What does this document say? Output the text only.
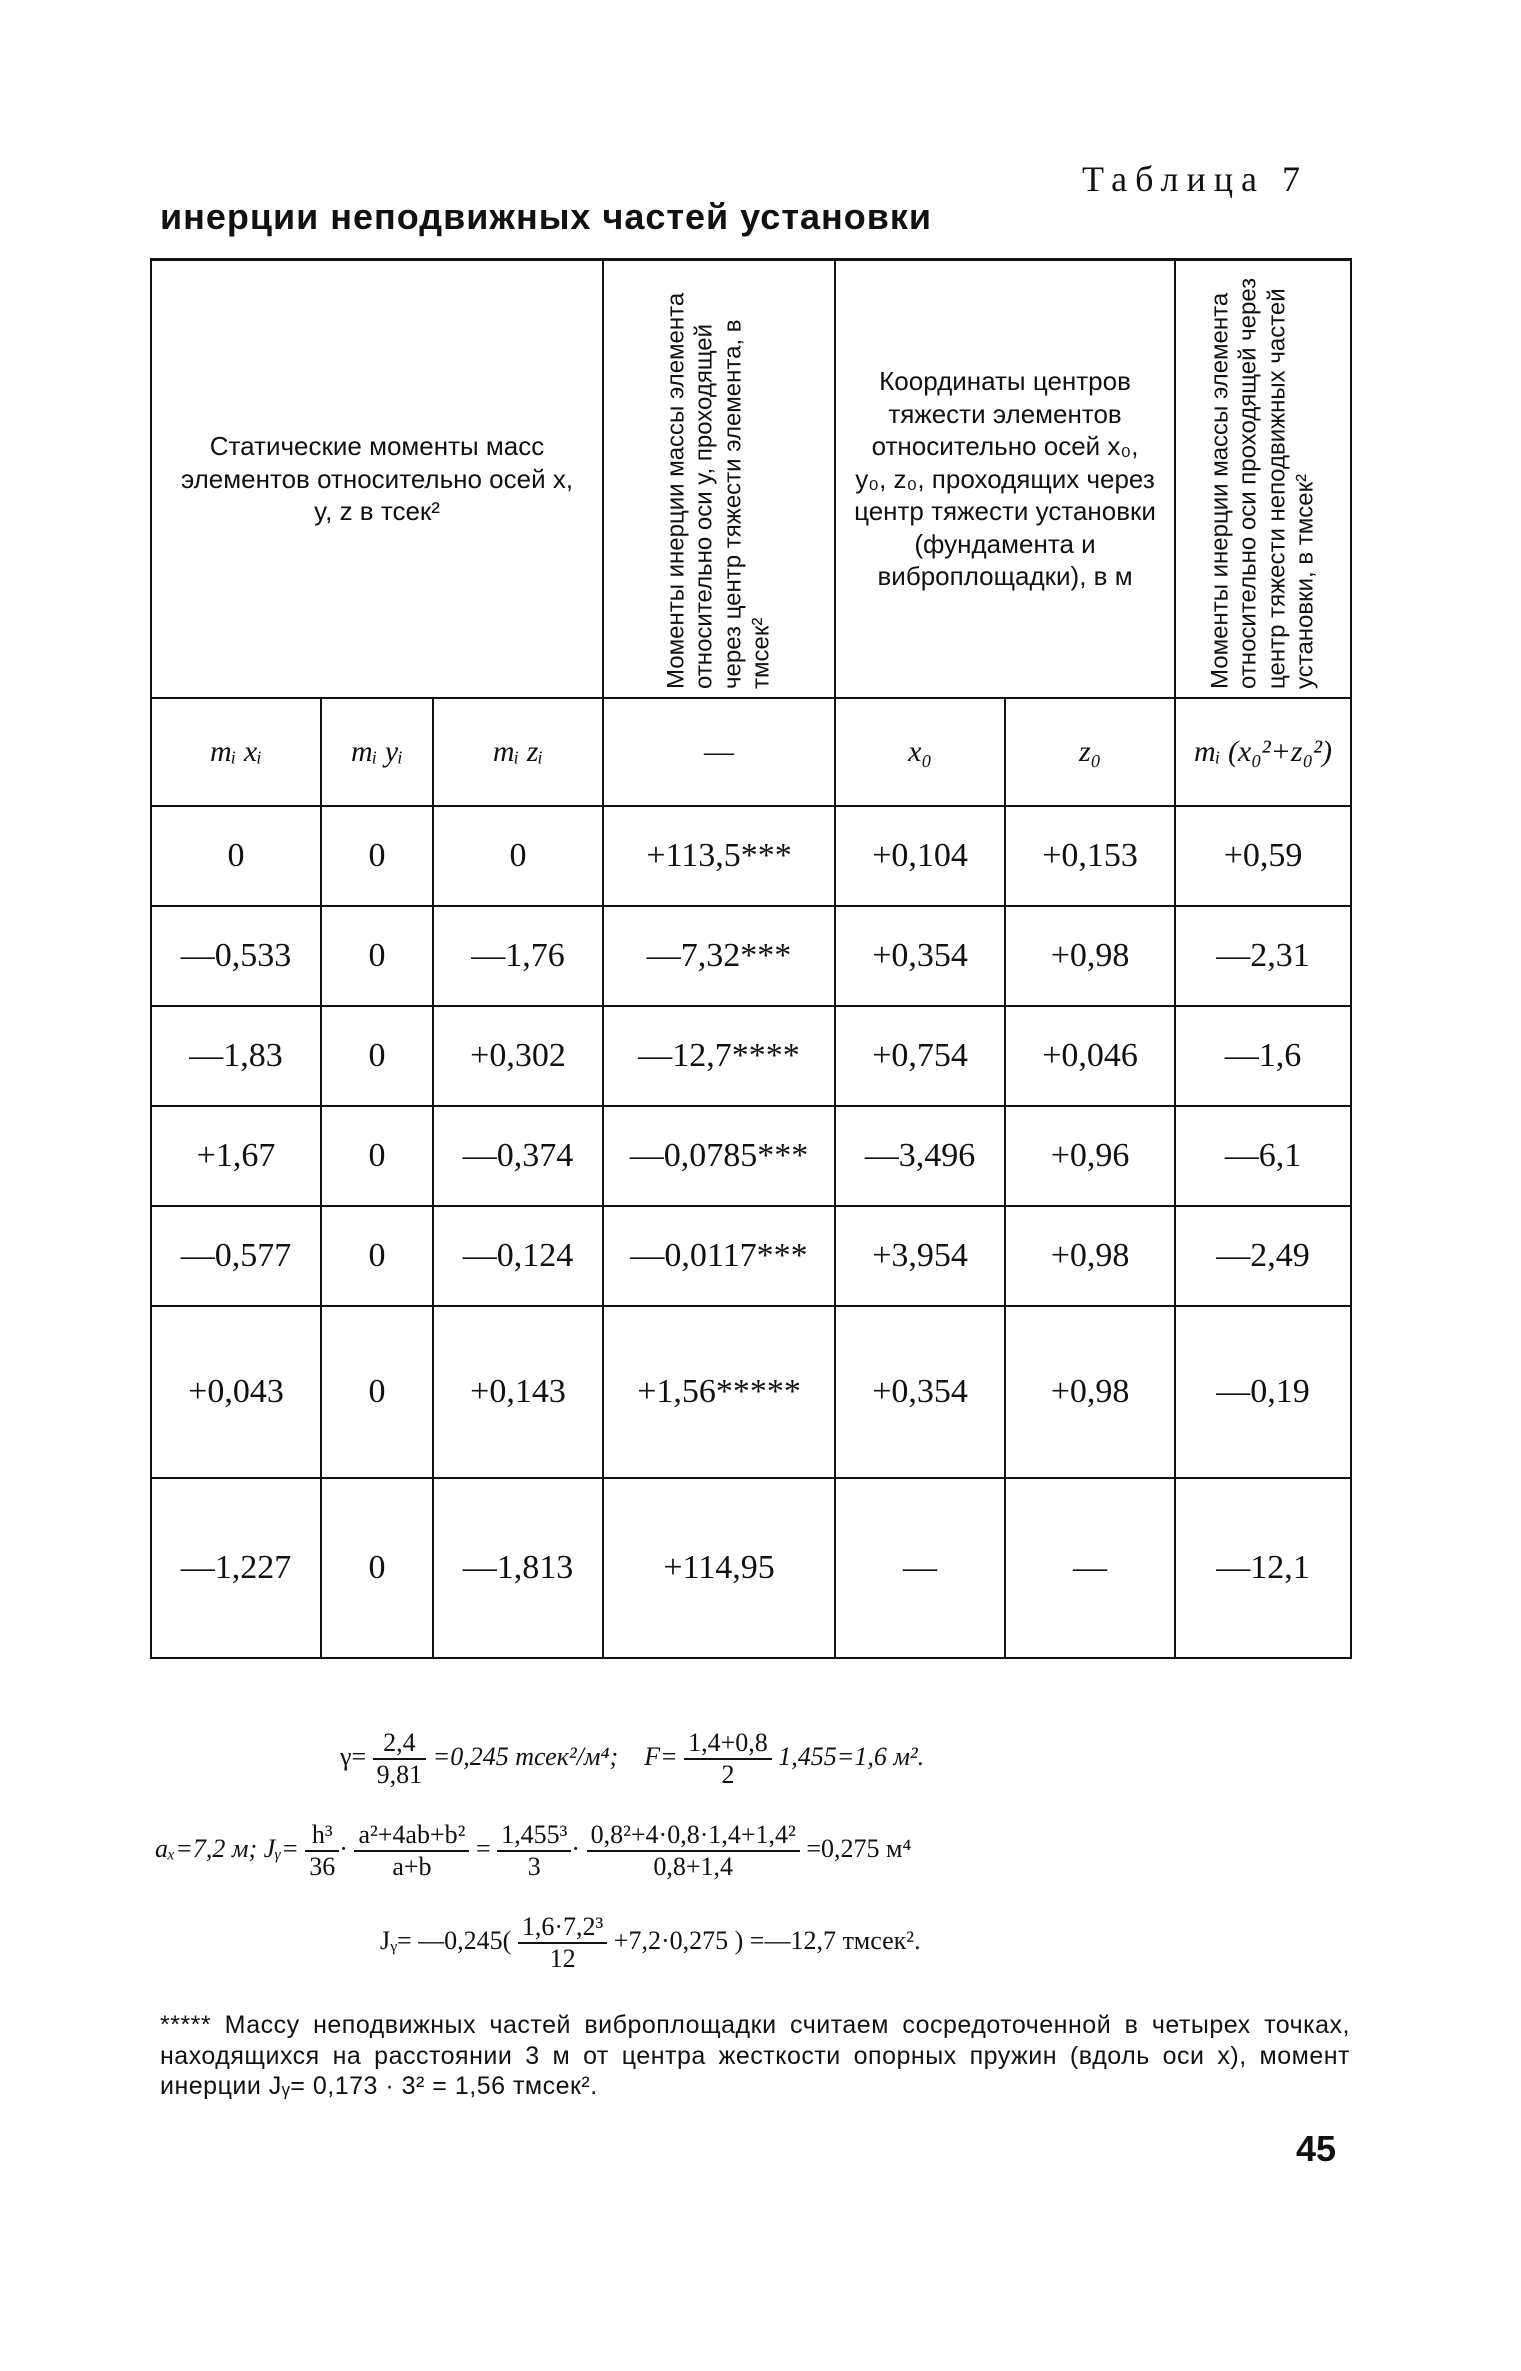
Таблица 7
инерции неподвижных частей установки
Статические моменты масс элементов относительно осей x, y, z в тсек²			Моменты инерции массы элемента относительно оси y, проходящей через центр тяжести элемента, в тмсек²	Координаты центров тяжести элементов относительно осей x₀, y₀, z₀, проходящих через центр тяжести установки (фундамента и виброплощадки), в м		Моменты инерции массы элемента относительно оси проходящей через центр тяжести неподвижных частей установки, в тмсек²

mᵢ xᵢ	mᵢ yᵢ	mᵢ zᵢ	—	x₀	z₀	mᵢ (x₀²+z₀²)
0	0	0	+113,5***	+0,104	+0,153	+0,59
—0,533	0	—1,76	—7,32***	+0,354	+0,98	—2,31
—1,83	0	+0,302	—12,7****	+0,754	+0,046	—1,6
+1,67	0	—0,374	—0,0785***	—3,496	+0,96	—6,1
—0,577	0	—0,124	—0,0117***	+3,954	+0,98	—2,49
+0,043	0	+0,143	+1,56*****	+0,354	+0,98	—0,19
—1,227	0	—1,813	+114,95	—	—	—12,1
$\gamma= \frac{2,4}{9,81} =0,245$ тсек²/м⁴; $F= \frac{1,4+0,8}{2} 1,455=1,6$ м².
aₓ=7,2 м; Jᵧ= $\frac{\text{h³}}{36} \cdot \frac{\text{a²+4ab+b²}}{a+b} = \frac{\text{1,455³}}{3} \cdot \frac{\text{0,8²+4·0,8·1,4+1,4²}}{0,8+1,4} =0,275$ м⁴
Jᵧ= —0,245( $\frac{\text{1,6·7,2³}}{12} +7,2\cdot 0,275$ ) =—12,7 тмсек².
***** Массу неподвижных частей виброплощадки считаем сосредоточенной в четырех точках, находящихся на расстоянии 3 м от центра жесткости опорных пружин (вдоль оси x), момент инерции Jᵧ= 0,173 · 3² = 1,56 тмсек².
45
